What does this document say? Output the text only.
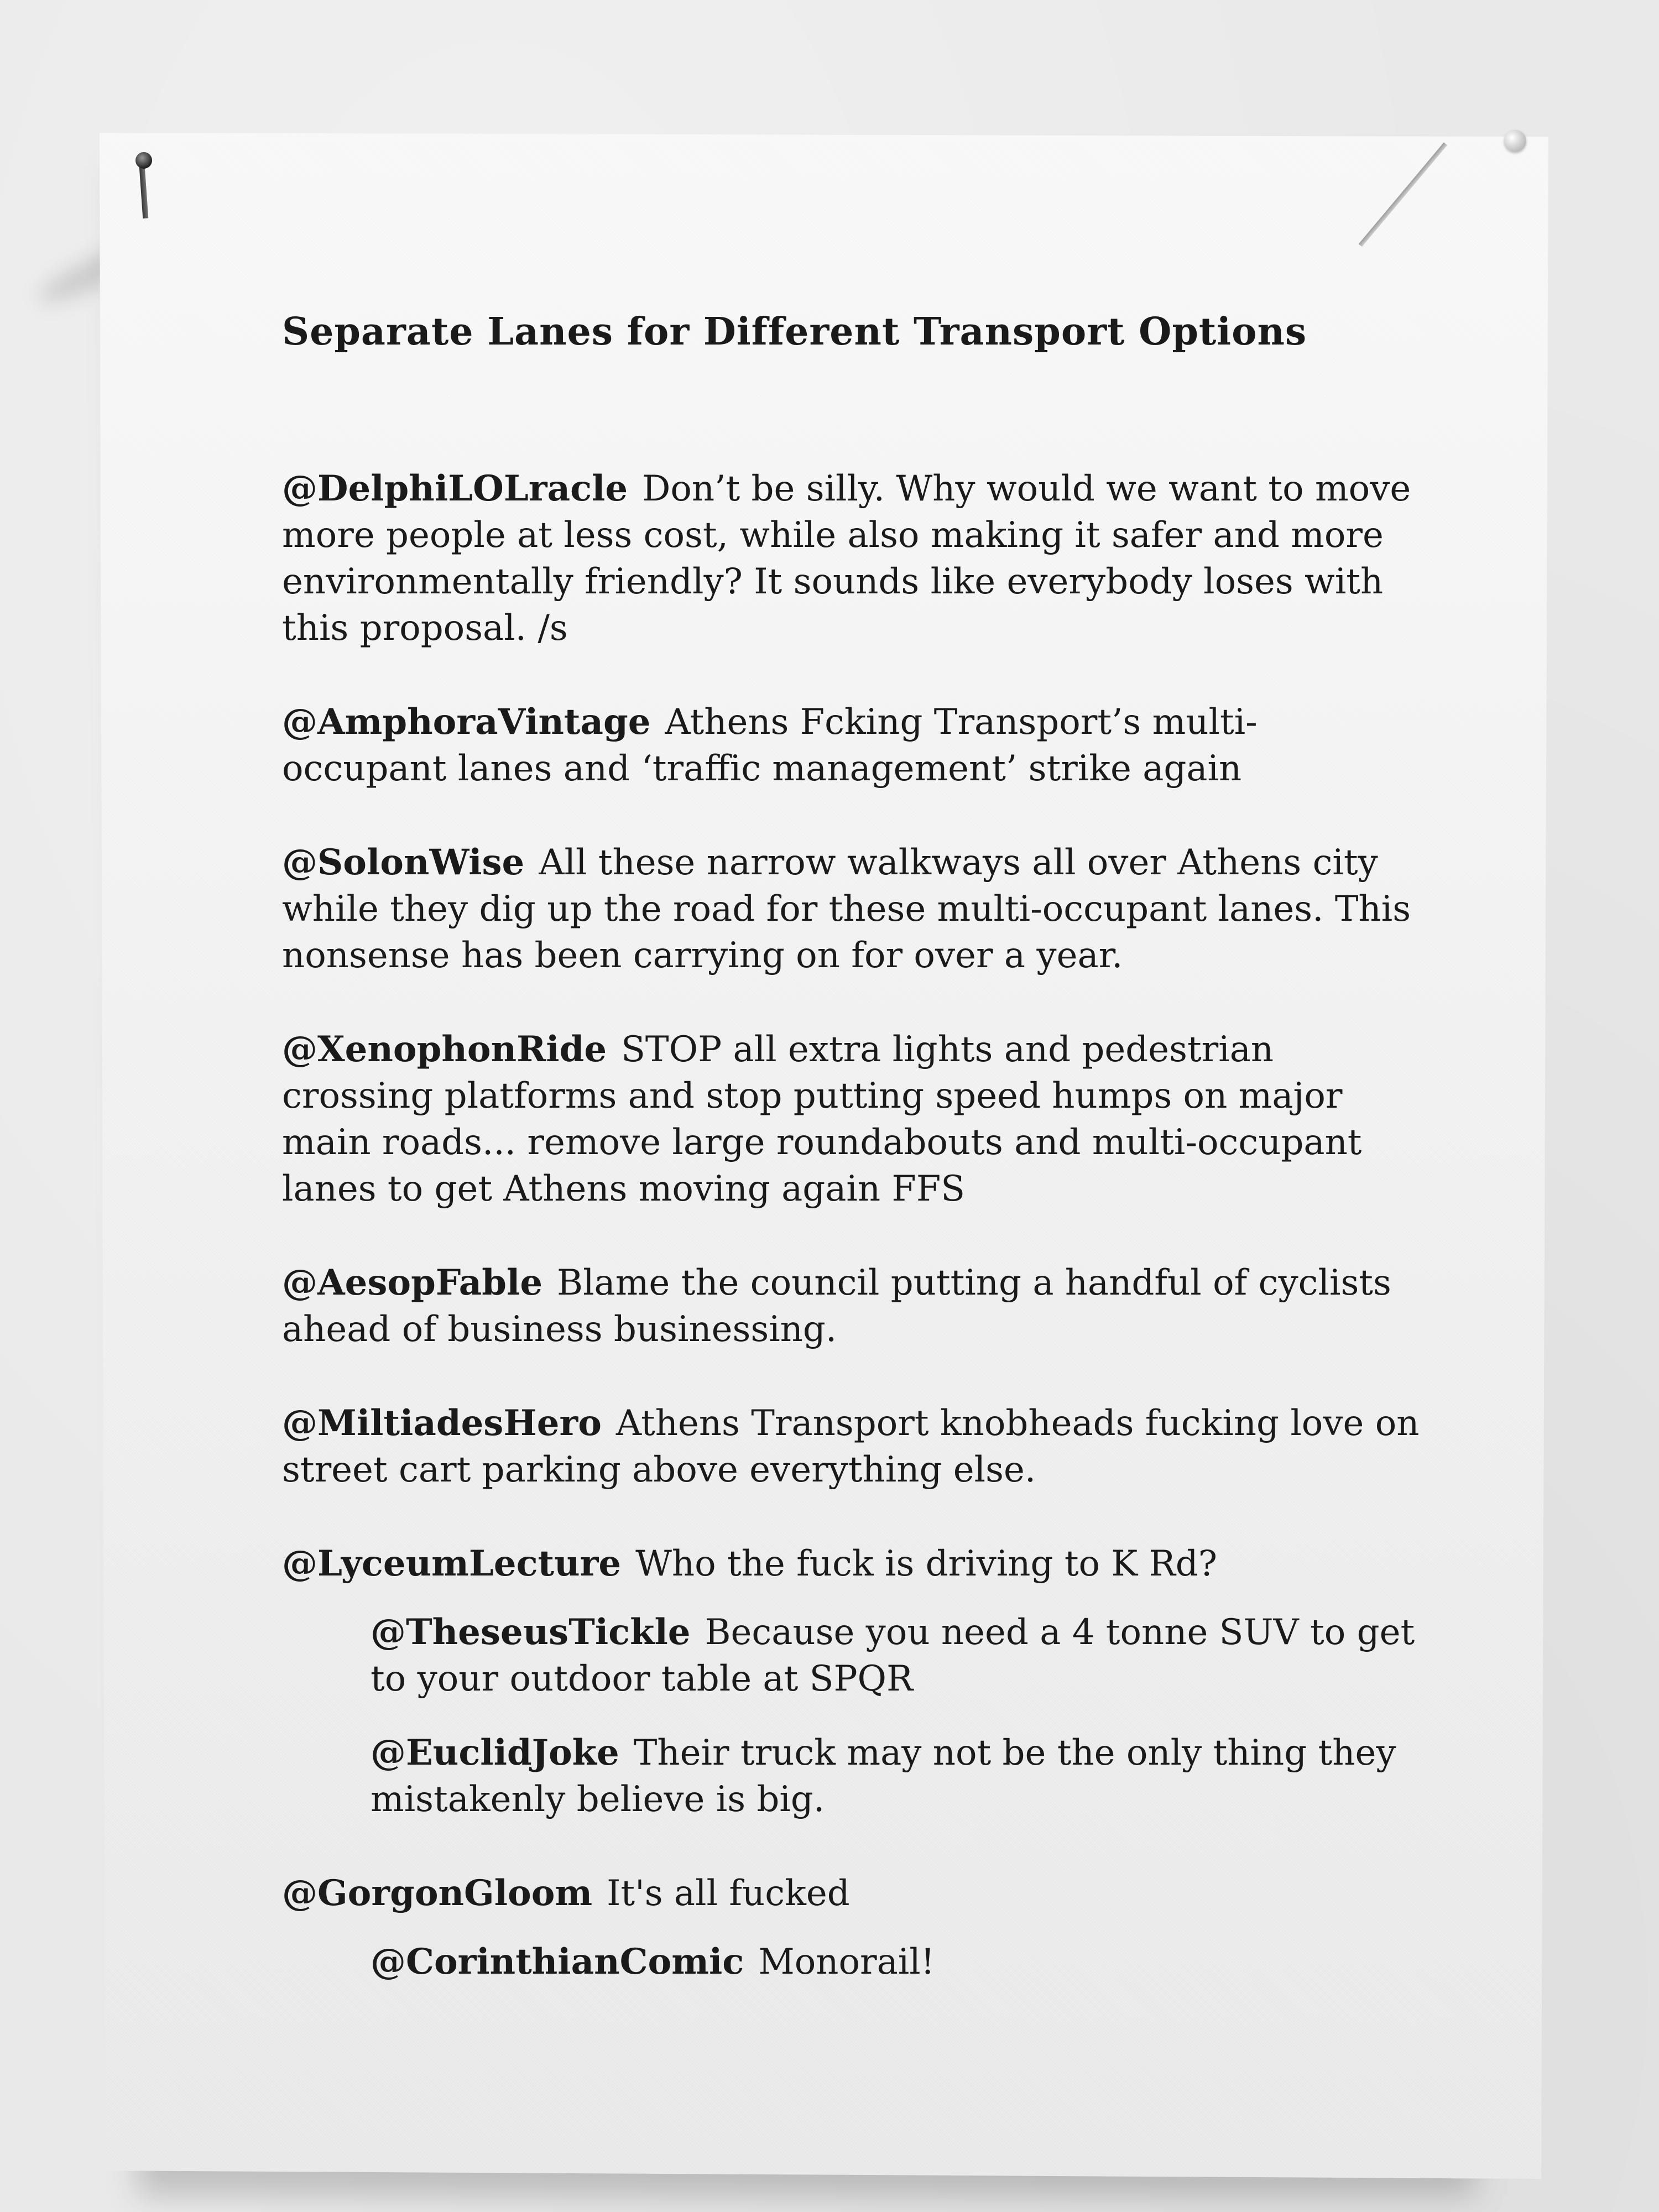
Separate Lanes for Different Transport Options
@DelphiLOLracle Don’t be silly. Why would we want to move more people at less cost, while also making it safer and more environmentally friendly? It sounds like everybody loses with this proposal. /s
@AmphoraVintage Athens Fcking Transport’s multi-occupant lanes and ‘traffic management’ strike again
@SolonWise All these narrow walkways all over Athens city while they dig up the road for these multi-occupant lanes. This nonsense has been carrying on for over a year.
@XenophonRide STOP all extra lights and pedestrian crossing platforms and stop putting speed humps on major main roads... remove large roundabouts and multi-occupant lanes to get Athens moving again FFS
@AesopFable Blame the council putting a handful of cyclists ahead of business businessing.
@MiltiadesHero Athens Transport knobheads fucking love on street cart parking above everything else.
@LyceumLecture Who the fuck is driving to K Rd?
@TheseusTickle Because you need a 4 tonne SUV to get to your outdoor table at SPQR
@EuclidJoke Their truck may not be the only thing they mistakenly believe is big.
@GorgonGloom It's all fucked
@CorinthianComic Monorail!
